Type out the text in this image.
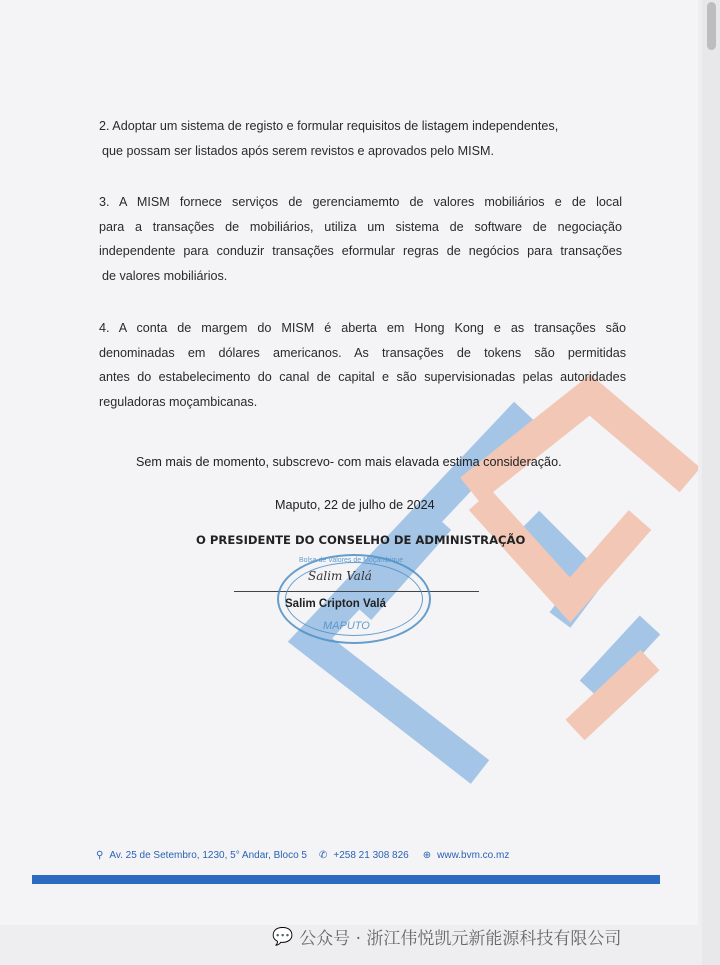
2. Adoptar um sistema de registo e formular requisitos de listagem independentes,
que possam ser listados após serem revistos e aprovados pelo MISM.
3. A MISM fornece serviços de gerenciamemto de valores mobiliários e de local
para a transações de mobiliários, utiliza um sistema de software de negociação
independente para conduzir transações eformular regras de negócios para transações
de valores mobiliários.
4. A conta de margem do MISM é aberta em Hong Kong e as transações são
denominadas em dólares americanos. As transações de tokens são permitidas
antes do estabelecimento do canal de capital e são supervisionadas pelas autoridades
reguladoras moçambicanas.
Sem mais de momento, subscrevo- com mais elavada estima consideração.
Maputo, 22 de julho de 2024
O PRESIDENTE DO CONSELHO DE ADMINISTRAÇÃO
Bolsa de Valores de Moçambique
MAPUTO
Salim Valá
Salim Cripton Valá
⚲ Av. 25 de Setembro, 1230, 5° Andar, Bloco 5 ✆ +258 21 308 826 ⊕ www.bvm.co.mz
💬 公众号 · 浙江伟悦凯元新能源科技有限公司
